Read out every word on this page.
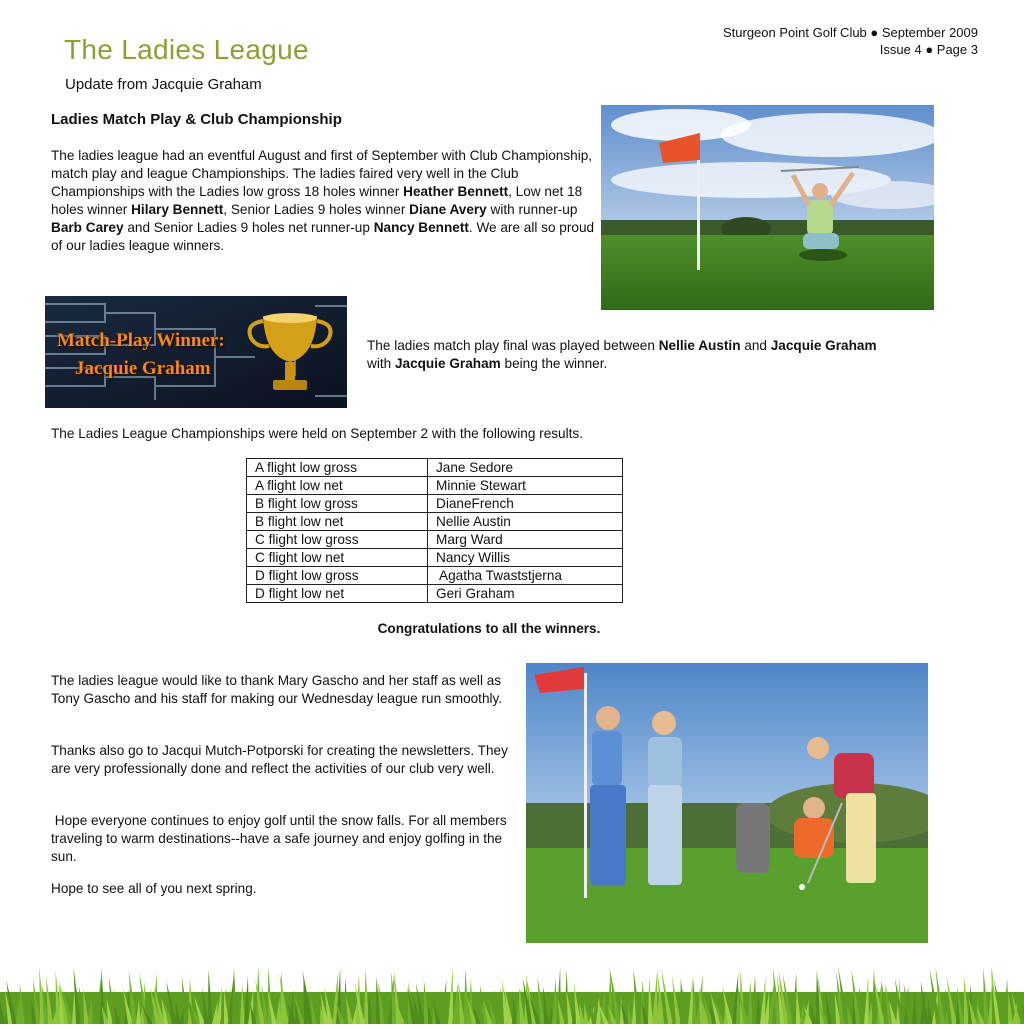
Sturgeon Point Golf Club ● September 2009
Issue 4 ● Page 3
The Ladies League
Update from Jacquie Graham
Ladies Match Play & Club Championship
The ladies league had an eventful August and first of September with Club Championship, match play and league Championships. The ladies faired very well in the Club Championships with the Ladies low gross 18 holes winner Heather Bennett, Low net 18 holes winner Hilary Bennett, Senior Ladies 9 holes winner Diane Avery with runner-up Barb Carey and Senior Ladies 9 holes net runner-up Nancy Bennett. We are all so proud of our ladies league winners.
Match-Play Winner:
Jacquie Graham
The ladies match play final was played between Nellie Austin and Jacquie Graham with Jacquie Graham being the winner.
The Ladies League Championships were held on September 2 with the following results.
A flight low gross	Jane Sedore
A flight low net	Minnie Stewart
B flight low gross	DianeFrench
B flight low net	Nellie Austin
C flight low gross	Marg Ward
C flight low net	Nancy Willis
D flight low gross	Agatha Twaststjerna
D flight low net	Geri Graham
Congratulations to all the winners.
The ladies league would like to thank Mary Gascho and her staff as well as Tony Gascho and his staff for making our Wednesday league run smoothly.
Thanks also go to Jacqui Mutch-Potporski for creating the newsletters. They are very professionally done and reflect the activities of our club very well.
Hope everyone continues to enjoy golf until the snow falls. For all members traveling to warm destinations--have a safe journey and enjoy golfing in the sun.
Hope to see all of you next spring.
